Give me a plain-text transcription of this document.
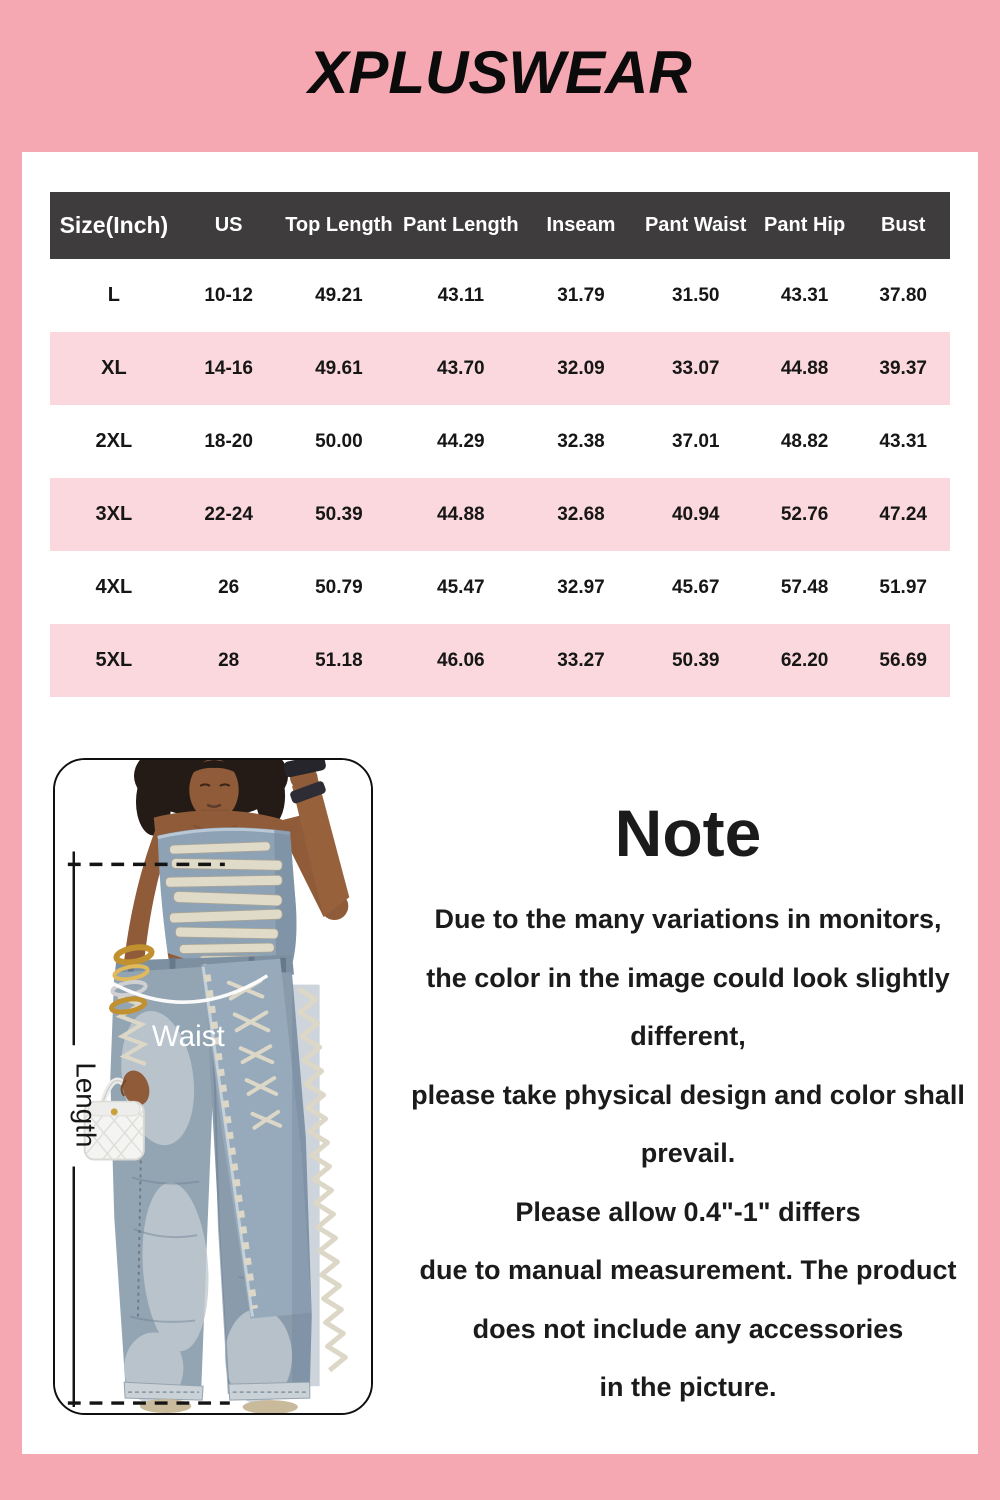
XPLUSWEAR
Size(Inch)	US	Top Length	Pant Length	Inseam	Pant Waist	Pant Hip	Bust
L	10-12	49.21	43.11	31.79	31.50	43.31	37.80
XL	14-16	49.61	43.70	32.09	33.07	44.88	39.37
2XL	18-20	50.00	44.29	32.38	37.01	48.82	43.31
3XL	22-24	50.39	44.88	32.68	40.94	52.76	47.24
4XL	26	50.79	45.47	32.97	45.67	57.48	51.97
5XL	28	51.18	46.06	33.27	50.39	62.20	56.69
Length
Waist

Note

Due to the many variations in monitors,

the color in the image could look slightly different,

please take physical design and color shall prevail.

Please allow 0.4"-1" differs

due to manual measurement. The product

does not include any accessories

in the picture.
